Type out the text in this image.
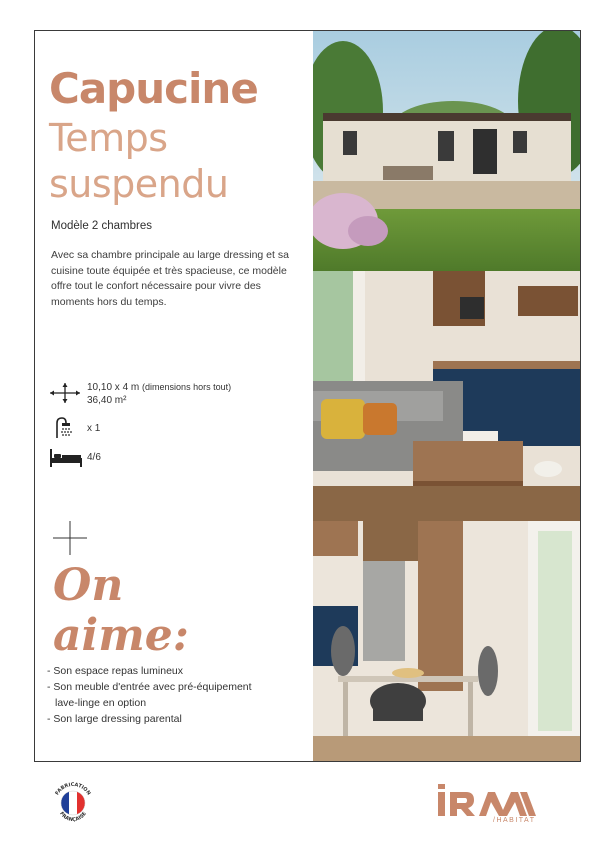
Capucine
Temps
suspendu
Modèle 2 chambres
Avec sa chambre principale au large dressing et sa cuisine toute équipée et très spacieuse, ce modèle offre tout le confort nécessaire pour vivre des moments hors du temps.
10,10 x 4 m (dimensions hors tout)
36,40 m²
x 1
4/6
On
aime:
- Son espace repas lumineux
- Son meuble d'entrée avec pré-équipement
lave-linge en option
- Son large dressing parental
FABRICATION
FRANÇAISE
/HABITAT
